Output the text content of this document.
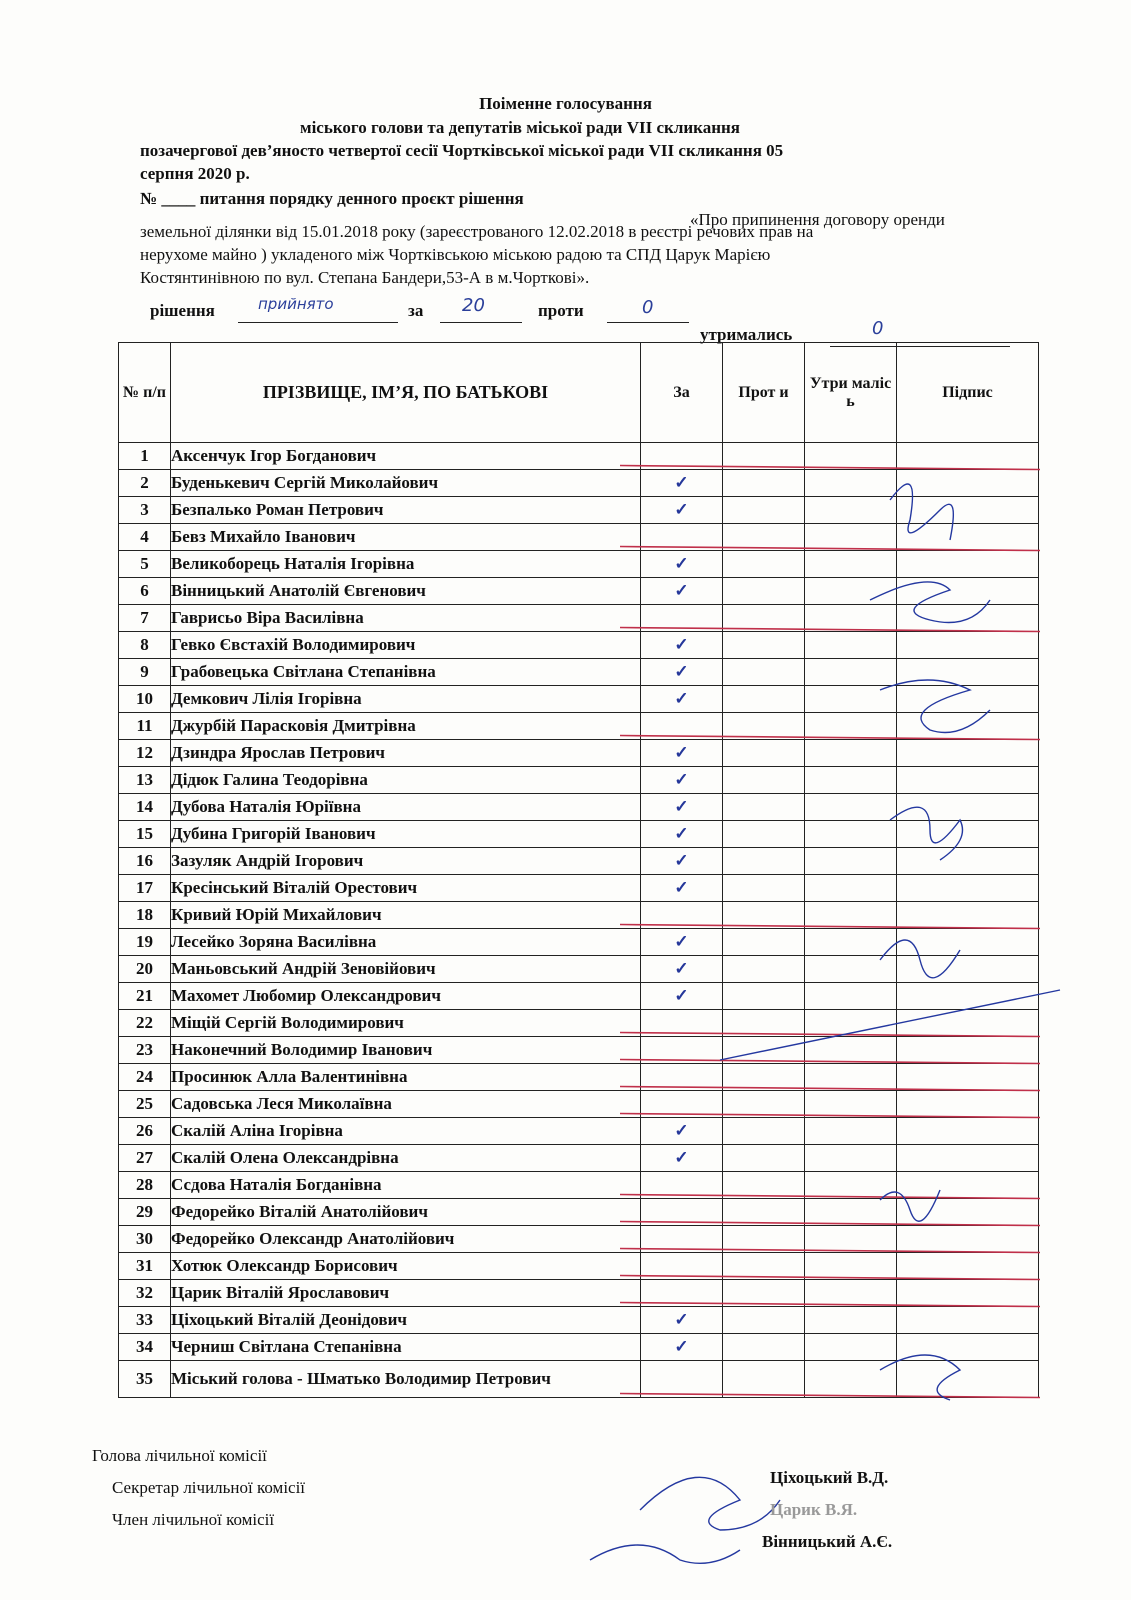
Поіменне голосування

міського голови та депутатів міської ради VII скликання
позачергової дев’яносто четвертої сесії Чортківської міської ради VII скликання 05
серпня 2020 р.
№ ____ питання порядку денного проєкт рішення
«Про припинення договору оренди
земельної ділянки від 15.01.2018 року (зареєстрованого 12.02.2018 в реєстрі речових прав на
нерухоме майно ) укладеного між Чортківською міською радою та СПД Царук Марією
Костянтинівною по вул. Степана Бандери,53-А в м.Чорткові».
рішення	прийнято	за 20	проти	0
утримались	0
№ п/п	ПРІЗВИЩЕ, ІМ’Я, ПО БАТЬКОВІ	За	Прот и	Утри маліс ь	Підпис
1	Аксенчук Ігор Богданович				
2	Буденькевич Сергій Миколайович	✓			
3	Безпалько Роман Петрович	✓			
4	Бевз Михайло Іванович				
5	Великоборець Наталія Ігорівна	✓			
6	Вінницький Анатолій Євгенович	✓			
7	Гаврисьо Віра Василівна				
8	Гевко Євстахій Володимирович	✓			
9	Грабовецька Світлана Степанівна	✓			
10	Демкович Лілія Ігорівна	✓			
11	Джурбій Парасковія Дмитрівна				
12	Дзиндра Ярослав Петрович	✓			
13	Дідюк Галина Теодорівна	✓			
14	Дубова Наталія Юріївна	✓			
15	Дубина Григорій Іванович	✓			
16	Зазуляк Андрій Ігорович	✓			
17	Кресінський Віталій Орестович	✓			
18	Кривий Юрій Михайлович				
19	Лесейко Зоряна Василівна	✓			
20	Маньовський Андрій Зеновійович	✓			
21	Махомет Любомир Олександрович	✓			
22	Міщій Сергій Володимирович				
23	Наконечний Володимир Іванович				
24	Просинюк Алла Валентинівна				
25	Садовська Леся Миколаївна				
26	Скалій Аліна Ігорівна	✓			
27	Скалій Олена Олександрівна	✓			
28	Ссдова Наталія Богданівна				
29	Федорейко Віталій Анатолійович				
30	Федорейко Олександр Анатолійович				
31	Хотюк Олександр Борисович				
32	Царик Віталій Ярославович				
33	Ціхоцький Віталій Деонідович	✓			
34	Черниш Світлана Степанівна	✓			
35	Міський голова - Шматько Володимир Петрович				
Голова лічильної комісії
Ціхоцький В.Д.
Секретар лічильної комісії
Царик В.Я.
Член лічильної комісії
Вінницький А.Є.
